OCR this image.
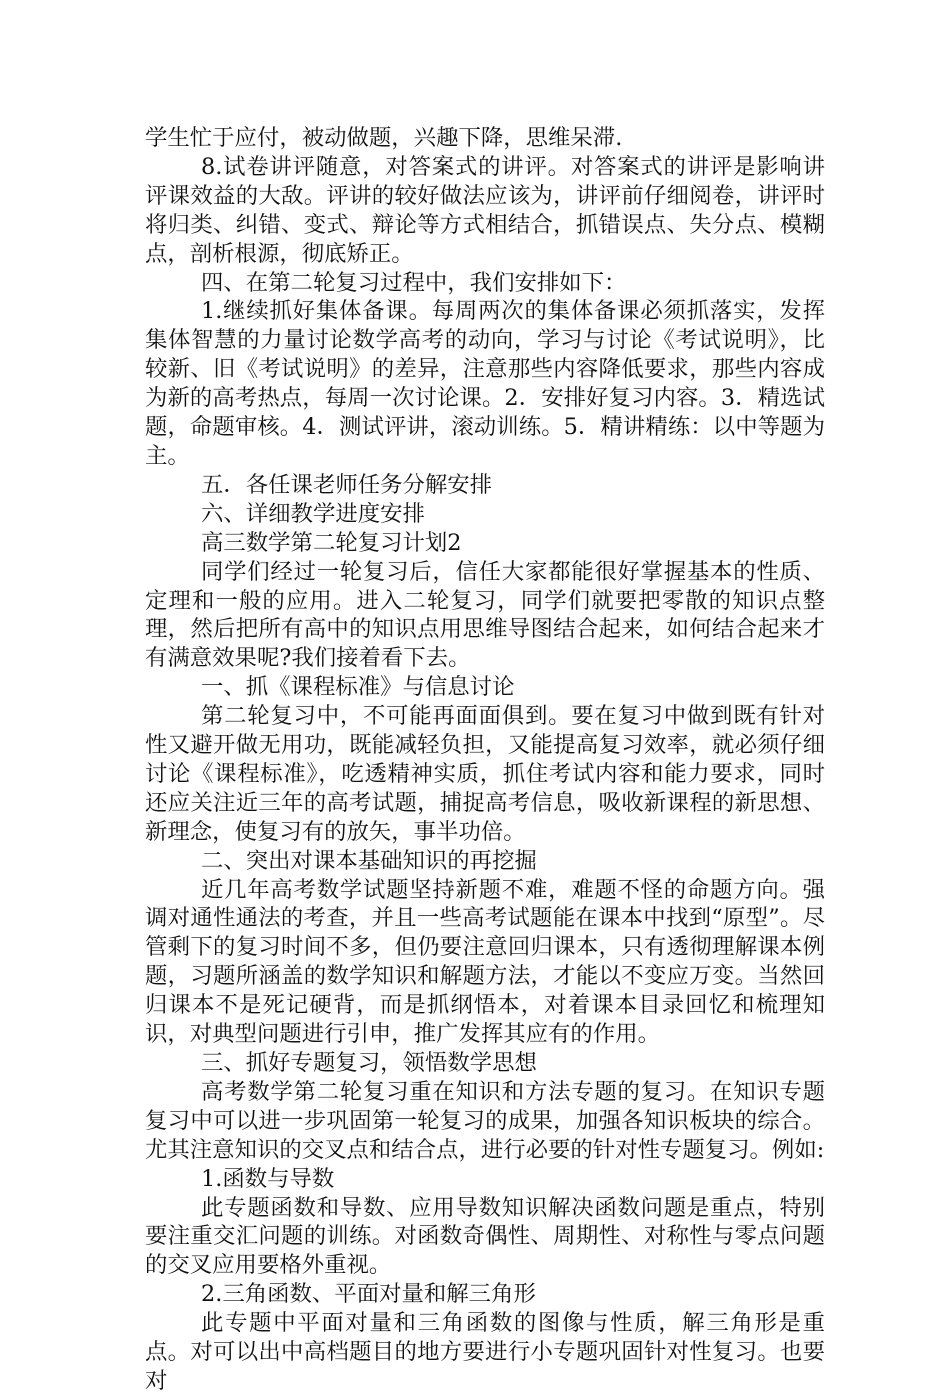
学生忙于应付，被动做题，兴趣下降，思维呆滞.

8.试卷讲评随意，对答案式的讲评。对答案式的讲评是影响讲评课效益的大敌。评讲的较好做法应该为，讲评前仔细阅卷，讲评时将归类、纠错、变式、辩论等方式相结合，抓错误点、失分点、模糊点，剖析根源，彻底矫正。

四、在第二轮复习过程中，我们安排如下：

1.继续抓好集体备课。每周两次的集体备课必须抓落实，发挥集体智慧的力量讨论数学高考的动向，学习与讨论《考试说明》，比较新、旧《考试说明》的差异，注意那些内容降低要求，那些内容成为新的高考热点，每周一次讨论课。2．安排好复习内容。3．精选试题，命题审核。4．测试评讲，滚动训练。5．精讲精练：以中等题为主。

五．各任课老师任务分解安排

六、详细教学进度安排

高三数学第二轮复习计划2

同学们经过一轮复习后，信任大家都能很好掌握基本的性质、定理和一般的应用。进入二轮复习，同学们就要把零散的知识点整理，然后把所有高中的知识点用思维导图结合起来，如何结合起来才有满意效果呢?我们接着看下去。

一、抓《课程标准》与信息讨论

第二轮复习中，不可能再面面俱到。要在复习中做到既有针对性又避开做无用功，既能减轻负担，又能提高复习效率，就必须仔细讨论《课程标准》，吃透精神实质，抓住考试内容和能力要求，同时还应关注近三年的高考试题，捕捉高考信息，吸收新课程的新思想、新理念，使复习有的放矢，事半功倍。

二、突出对课本基础知识的再挖掘

近几年高考数学试题坚持新题不难，难题不怪的命题方向。强调对通性通法的考查，并且一些高考试题能在课本中找到“原型”。尽管剩下的复习时间不多，但仍要注意回归课本，只有透彻理解课本例题，习题所涵盖的数学知识和解题方法，才能以不变应万变。当然回归课本不是死记硬背，而是抓纲悟本，对着课本目录回忆和梳理知识，对典型问题进行引申，推广发挥其应有的作用。

三、抓好专题复习，领悟数学思想

高考数学第二轮复习重在知识和方法专题的复习。在知识专题复习中可以进一步巩固第一轮复习的成果，加强各知识板块的综合。尤其注意知识的交叉点和结合点，进行必要的针对性专题复习。例如:

1.函数与导数

此专题函数和导数、应用导数知识解决函数问题是重点，特别要注重交汇问题的训练。对函数奇偶性、周期性、对称性与零点问题的交叉应用要格外重视。

2.三角函数、平面对量和解三角形

此专题中平面对量和三角函数的图像与性质，解三角形是重点。对可以出中高档题目的地方要进行小专题巩固针对性复习。也要对
